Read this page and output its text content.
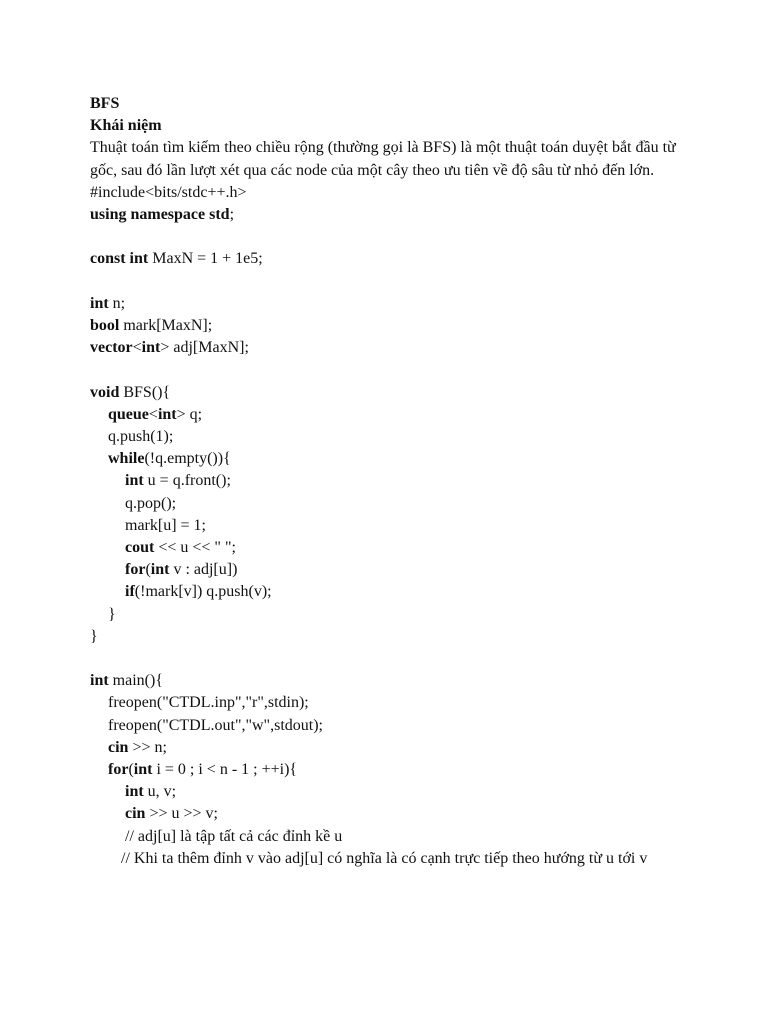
BFS
Khái niệm
Thuật toán tìm kiếm theo chiều rộng (thường gọi là BFS) là một thuật toán duyệt bắt đầu từ gốc, sau đó lần lượt xét qua các node của một cây theo ưu tiên về độ sâu từ nhỏ đến lớn.
#include<bits/stdc++.h>
using namespace std;
const int MaxN = 1 + 1e5;
int n;
bool mark[MaxN];
vector<int> adj[MaxN];
void BFS(){
queue<int> q;
q.push(1);
while(!q.empty()){
int u = q.front();
q.pop();
mark[u] = 1;
cout << u << " ";
for(int v : adj[u])
if(!mark[v]) q.push(v);
}
}
int main(){
freopen("CTDL.inp","r",stdin);
freopen("CTDL.out","w",stdout);
cin >> n;
for(int i = 0 ; i < n - 1 ; ++i){
int u, v;
cin >> u >> v;
// adj[u] là tập tất cả các đỉnh kề u
// Khi ta thêm đỉnh v vào adj[u] có nghĩa là có cạnh trực tiếp theo hướng từ u tới v
